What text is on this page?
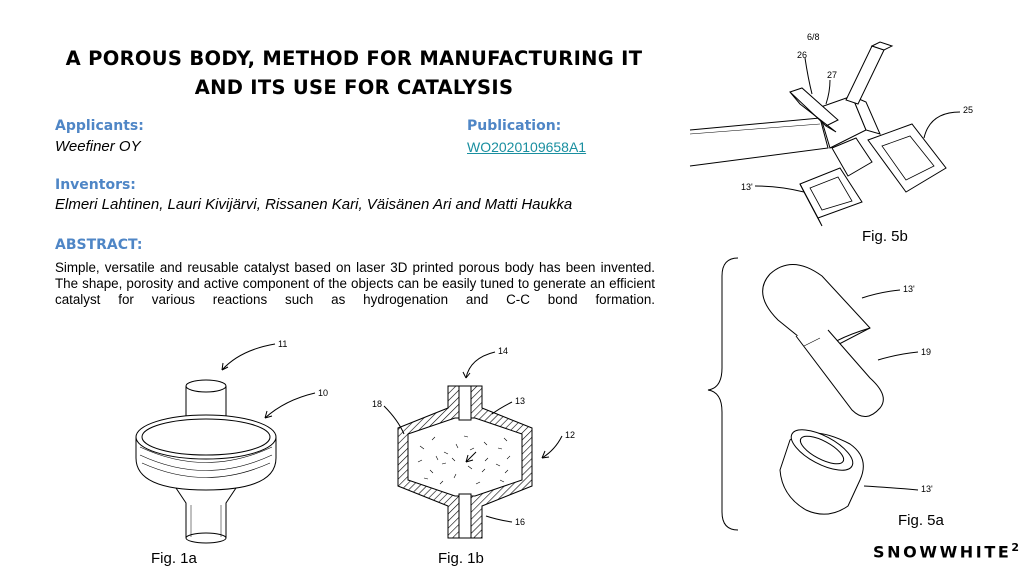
A POROUS BODY, METHOD FOR MANUFACTURING IT
AND ITS USE FOR CATALYSIS
Applicants:
Weefiner OY
Publication:
WO2020109658A1
Inventors:
Elmeri Lahtinen, Lauri Kivijärvi, Rissanen Kari, Väisänen Ari and Matti Haukka
ABSTRACT:
Simple, versatile and reusable catalyst based on laser 3D printed porous body has been invented. The shape, porosity and active component of the objects can be easily tuned to generate an efficient catalyst for various reactions such as hydrogenation and C-C bond formation.
11
10
14
18	13
12
16
6/8
26
27
25
13'
13'
19
13'
Fig. 1a	Fig. 1b
Fig. 5b
Fig. 5a
SNOWWHITE$^2$
